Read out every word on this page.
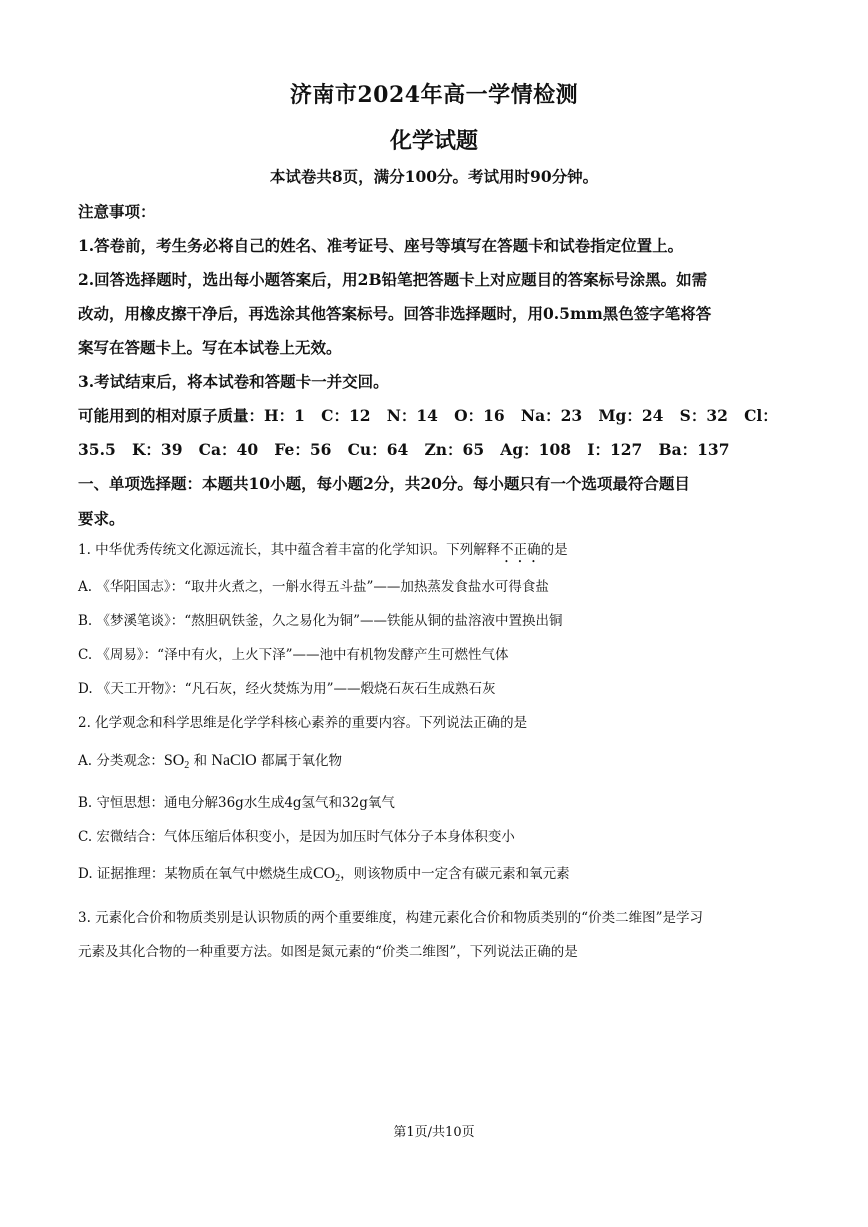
济南市2024年高一学情检测
化学试题
本试卷共8页，满分100分。考试用时90分钟。
注意事项：
1.答卷前，考生务必将自己的姓名、准考证号、座号等填写在答题卡和试卷指定位置上。
2.回答选择题时，选出每小题答案后，用2B铅笔把答题卡上对应题目的答案标号涂黑。如需
改动，用橡皮擦干净后，再选涂其他答案标号。回答非选择题时，用0.5mm黑色签字笔将答
案写在答题卡上。写在本试卷上无效。
3.考试结束后，将本试卷和答题卡一并交回。
可能用到的相对原子质量：H：1   C：12   N：14   O：16   Na：23   Mg：24   S：32   Cl：
35.5   K：39   Ca：40   Fe：56   Cu：64   Zn：65   Ag：108   I：127   Ba：137
一、单项选择题：本题共10小题，每小题2分，共20分。每小题只有一个选项最符合题目
要求。
1. 中华优秀传统文化源远流长，其中蕴含着丰富的化学知识。下列解释不正确的是
A. 《华阳国志》：“取井火煮之，一斛水得五斗盐”——加热蒸发食盐水可得食盐
B. 《梦溪笔谈》：“熬胆矾铁釜，久之易化为铜”——铁能从铜的盐溶液中置换出铜
C. 《周易》：“泽中有火，上火下泽”——池中有机物发酵产生可燃性气体
D. 《天工开物》：“凡石灰，经火焚炼为用”——煅烧石灰石生成熟石灰
2. 化学观念和科学思维是化学学科核心素养的重要内容。下列说法正确的是
A. 分类观念：$SO_2$ 和 NaClO 都属于氧化物
B. 守恒思想：通电分解36g水生成4g氢气和32g氧气
C. 宏微结合：气体压缩后体积变小，是因为加压时气体分子本身体积变小
D. 证据推理：某物质在氧气中燃烧生成$CO_2$，则该物质中一定含有碳元素和氧元素
3. 元素化合价和物质类别是认识物质的两个重要维度，构建元素化合价和物质类别的“价类二维图”是学习
元素及其化合物的一种重要方法。如图是氮元素的“价类二维图”，下列说法正确的是
第1页/共10页
